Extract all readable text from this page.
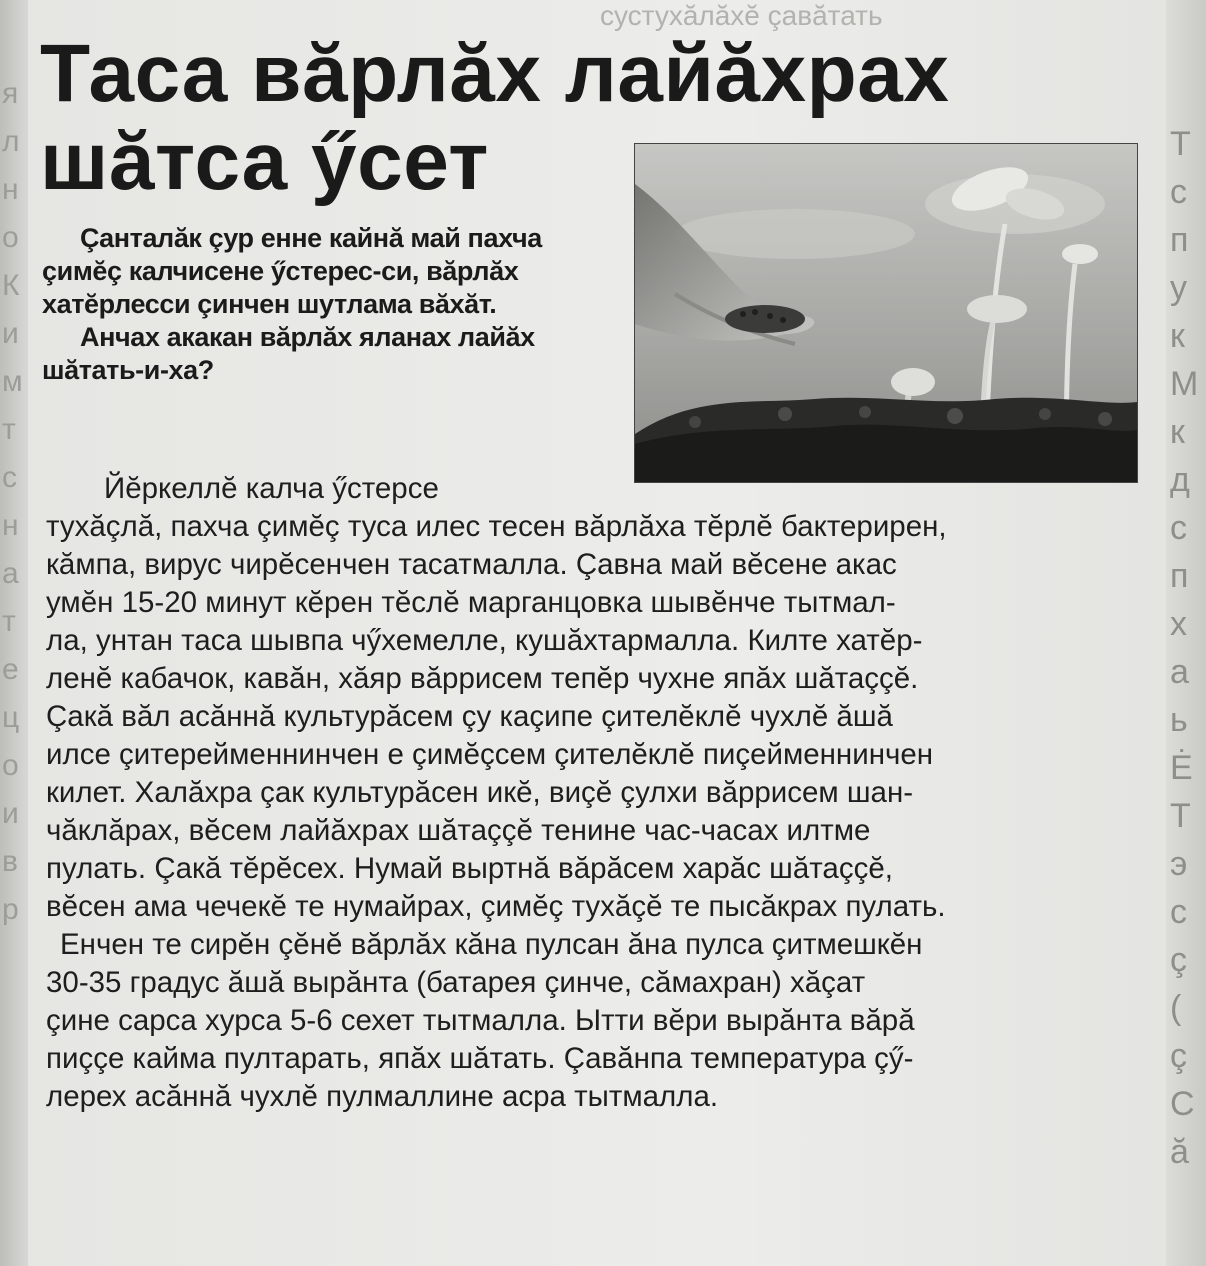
сустухăлăхĕ çавăтать
я
л
н
о
К
и
м
т
с
н
а
т
е
ц
о
и
в
р
Т
с
п
у
к
М
к
д
с
п
х
а
ь
Ė
Т
э
с
ç
(
ç
С
ă
Таса вăрлăх лайăхрах
шăтса ӳсет

Çанталăк çур енне кайнă май пахча çимĕç калчисене ӳстерес-си, вăрлăх хатĕрлесси çинчен шутлама вăхăт.

Анчах акакан вăрлăх яланах лайăх шăтать-и-ха?

Йĕркеллĕ калча ӳстерсе
тухăçлă, пахча çимĕç туса илес тесен вăрлăха тĕрлĕ бактерирен,
кăмпа, вирус чирĕсенчен тасатмалла. Çавна май вĕсене акас
умĕн 15-20 минут кĕрен тĕслĕ марганцовка шывĕнче тытмал-
ла, унтан таса шывпа чӳхемелле, кушăхтармалла. Килте хатĕр-
ленĕ кабачок, кавăн, хăяр вăррисем тепĕр чухне япăх шăтаççĕ.
Çакă вăл асăннă культурăсем çу каçипе çителĕклĕ чухлĕ ăшă
илсе çитерейменнинчен е çимĕçсем çителĕклĕ пиçейменнинчен
килет. Халăхра çак культурăсен икĕ, виçĕ çулхи вăррисем шан-
чăклăрах, вĕсем лайăхрах шăтаççĕ тенине час-часах илтме
пулать. Çакă тĕрĕсех. Нумай выртнă вăрăсем харăс шăтаççĕ,
вĕсен ама чечекĕ те нумайрах, çимĕç тухăçĕ те пысăкрах пулать.
Енчен те сирĕн çĕнĕ вăрлăх кăна пулсан ăна пулса çитмешкĕн
30-35 градус ăшă вырăнта (батарея çинче, сăмахран) хăçат
çине сарса хурса 5-6 сехет тытмалла. Ытти вĕри вырăнта вăрă
пиççе кайма пултарать, япăх шăтать. Çавăнпа температура çӳ-
лерех асăннă чухлĕ пулмаллине асра тытмалла.
